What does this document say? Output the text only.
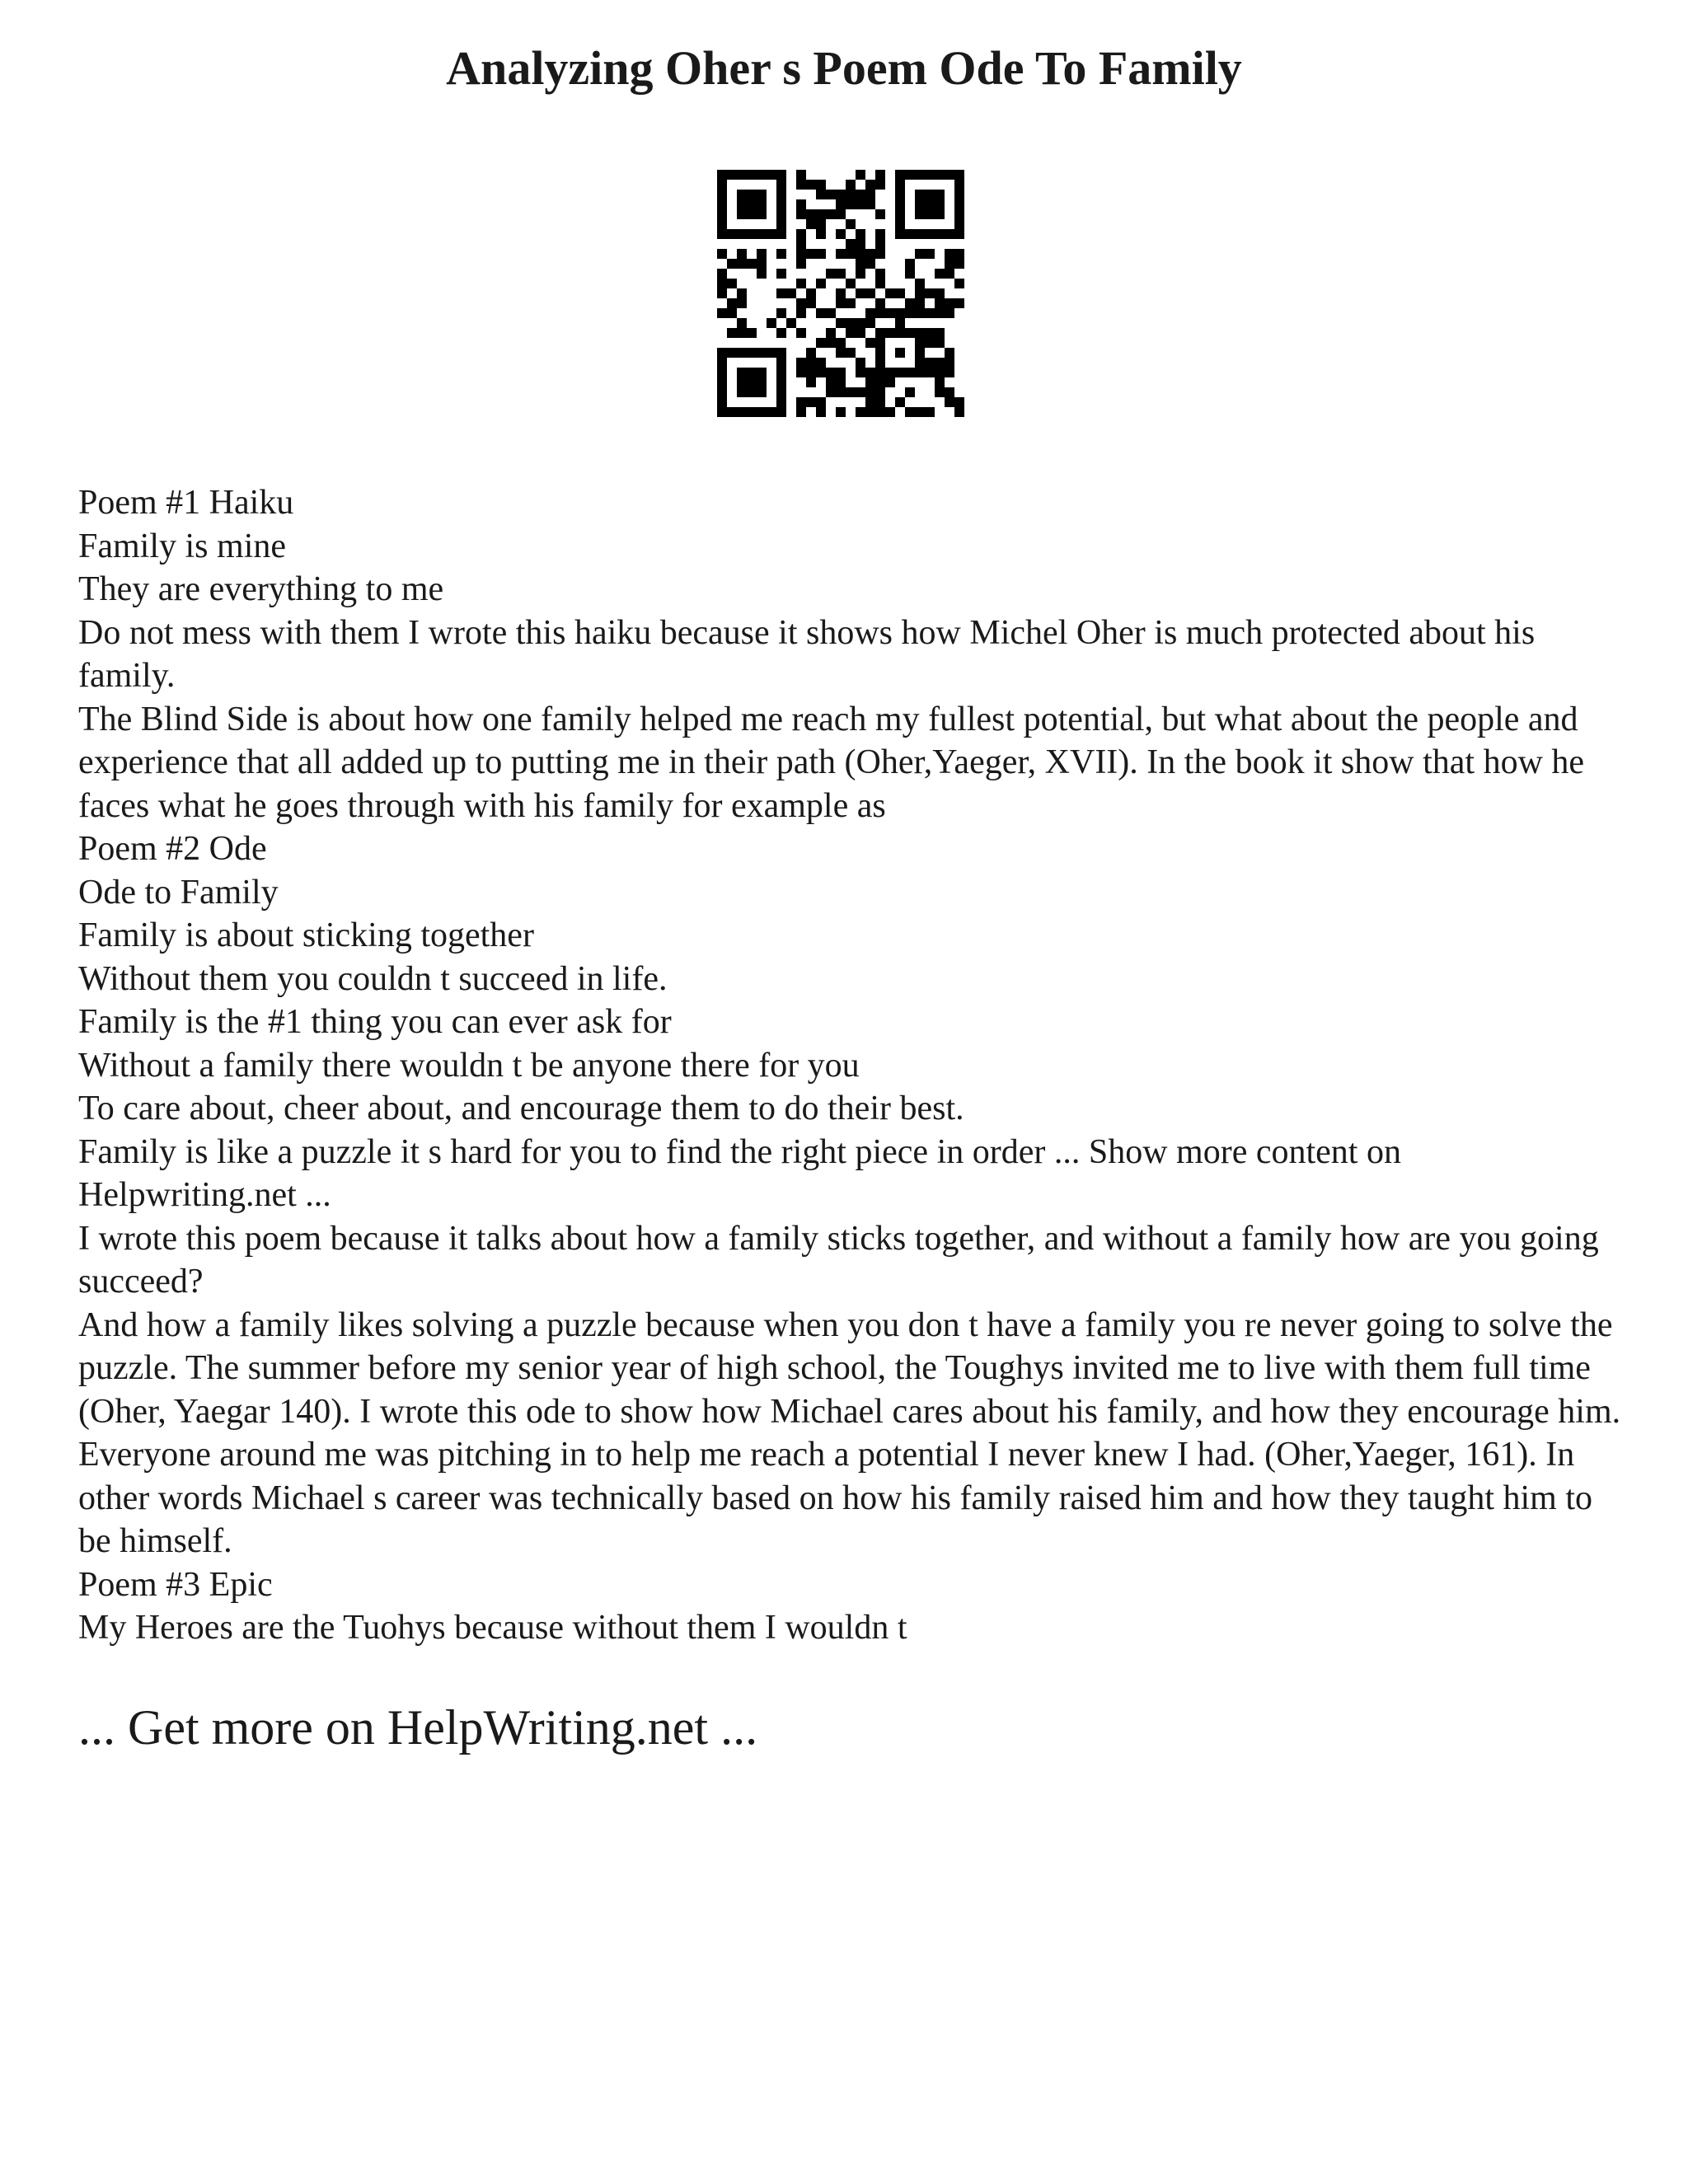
Analyzing Oher s Poem Ode To Family
Poem #1 Haiku
Family is mine
They are everything to me
Do not mess with them I wrote this haiku because it shows how Michel Oher is much protected about his family.
The Blind Side is about how one family helped me reach my fullest potential, but what about the people and experience that all added up to putting me in their path (Oher,Yaeger, XVII). In the book it show that how he faces what he goes through with his family for example as
Poem #2 Ode
Ode to Family
Family is about sticking together
Without them you couldn t succeed in life.
Family is the #1 thing you can ever ask for
Without a family there wouldn t be anyone there for you
To care about, cheer about, and encourage them to do their best.
Family is like a puzzle it s hard for you to find the right piece in order ... Show more content on Helpwriting.net ...
I wrote this poem because it talks about how a family sticks together, and without a family how are you going succeed?
And how a family likes solving a puzzle because when you don t have a family you re never going to solve the puzzle. The summer before my senior year of high school, the Toughys invited me to live with them full time (Oher, Yaegar 140). I wrote this ode to show how Michael cares about his family, and how they encourage him. Everyone around me was pitching in to help me reach a potential I never knew I had. (Oher,Yaeger, 161). In other words Michael s career was technically based on how his family raised him and how they taught him to be himself.
Poem #3 Epic
My Heroes are the Tuohys because without them I wouldn t
... Get more on HelpWriting.net ...
